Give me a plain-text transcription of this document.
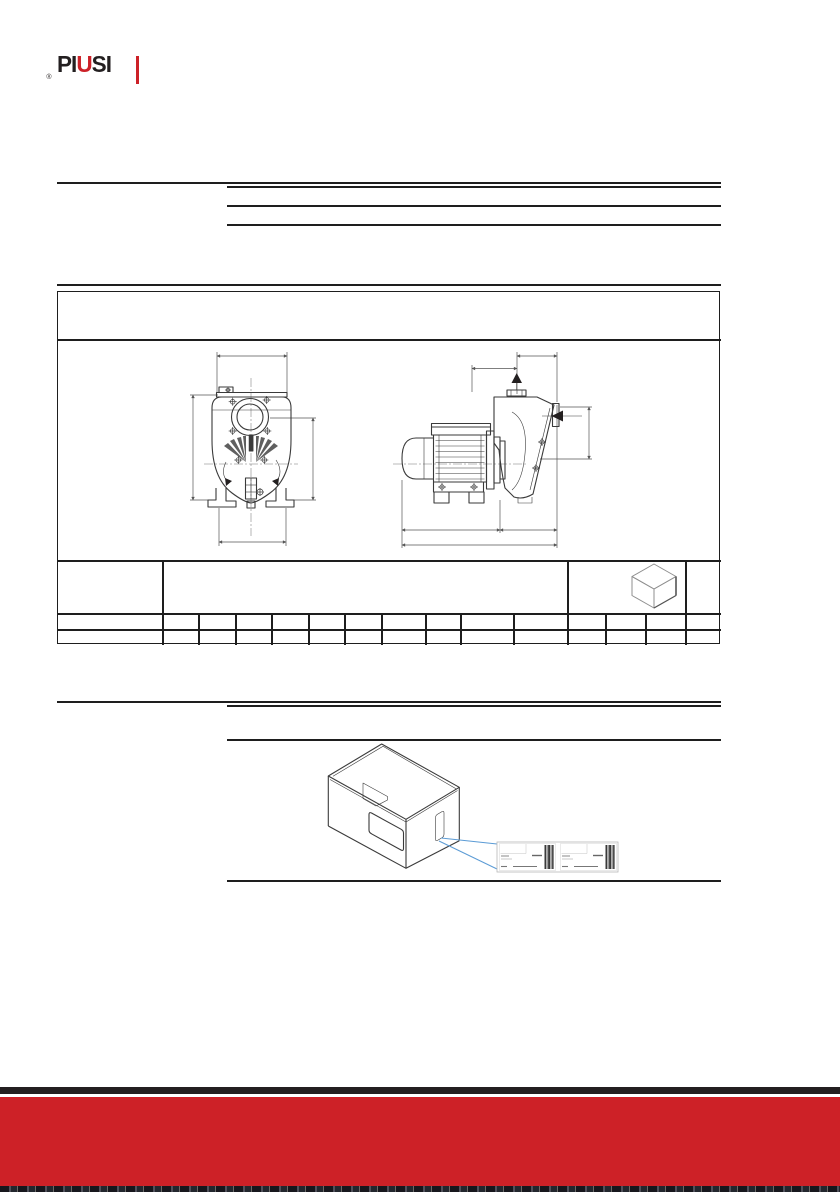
PIUSI
®
